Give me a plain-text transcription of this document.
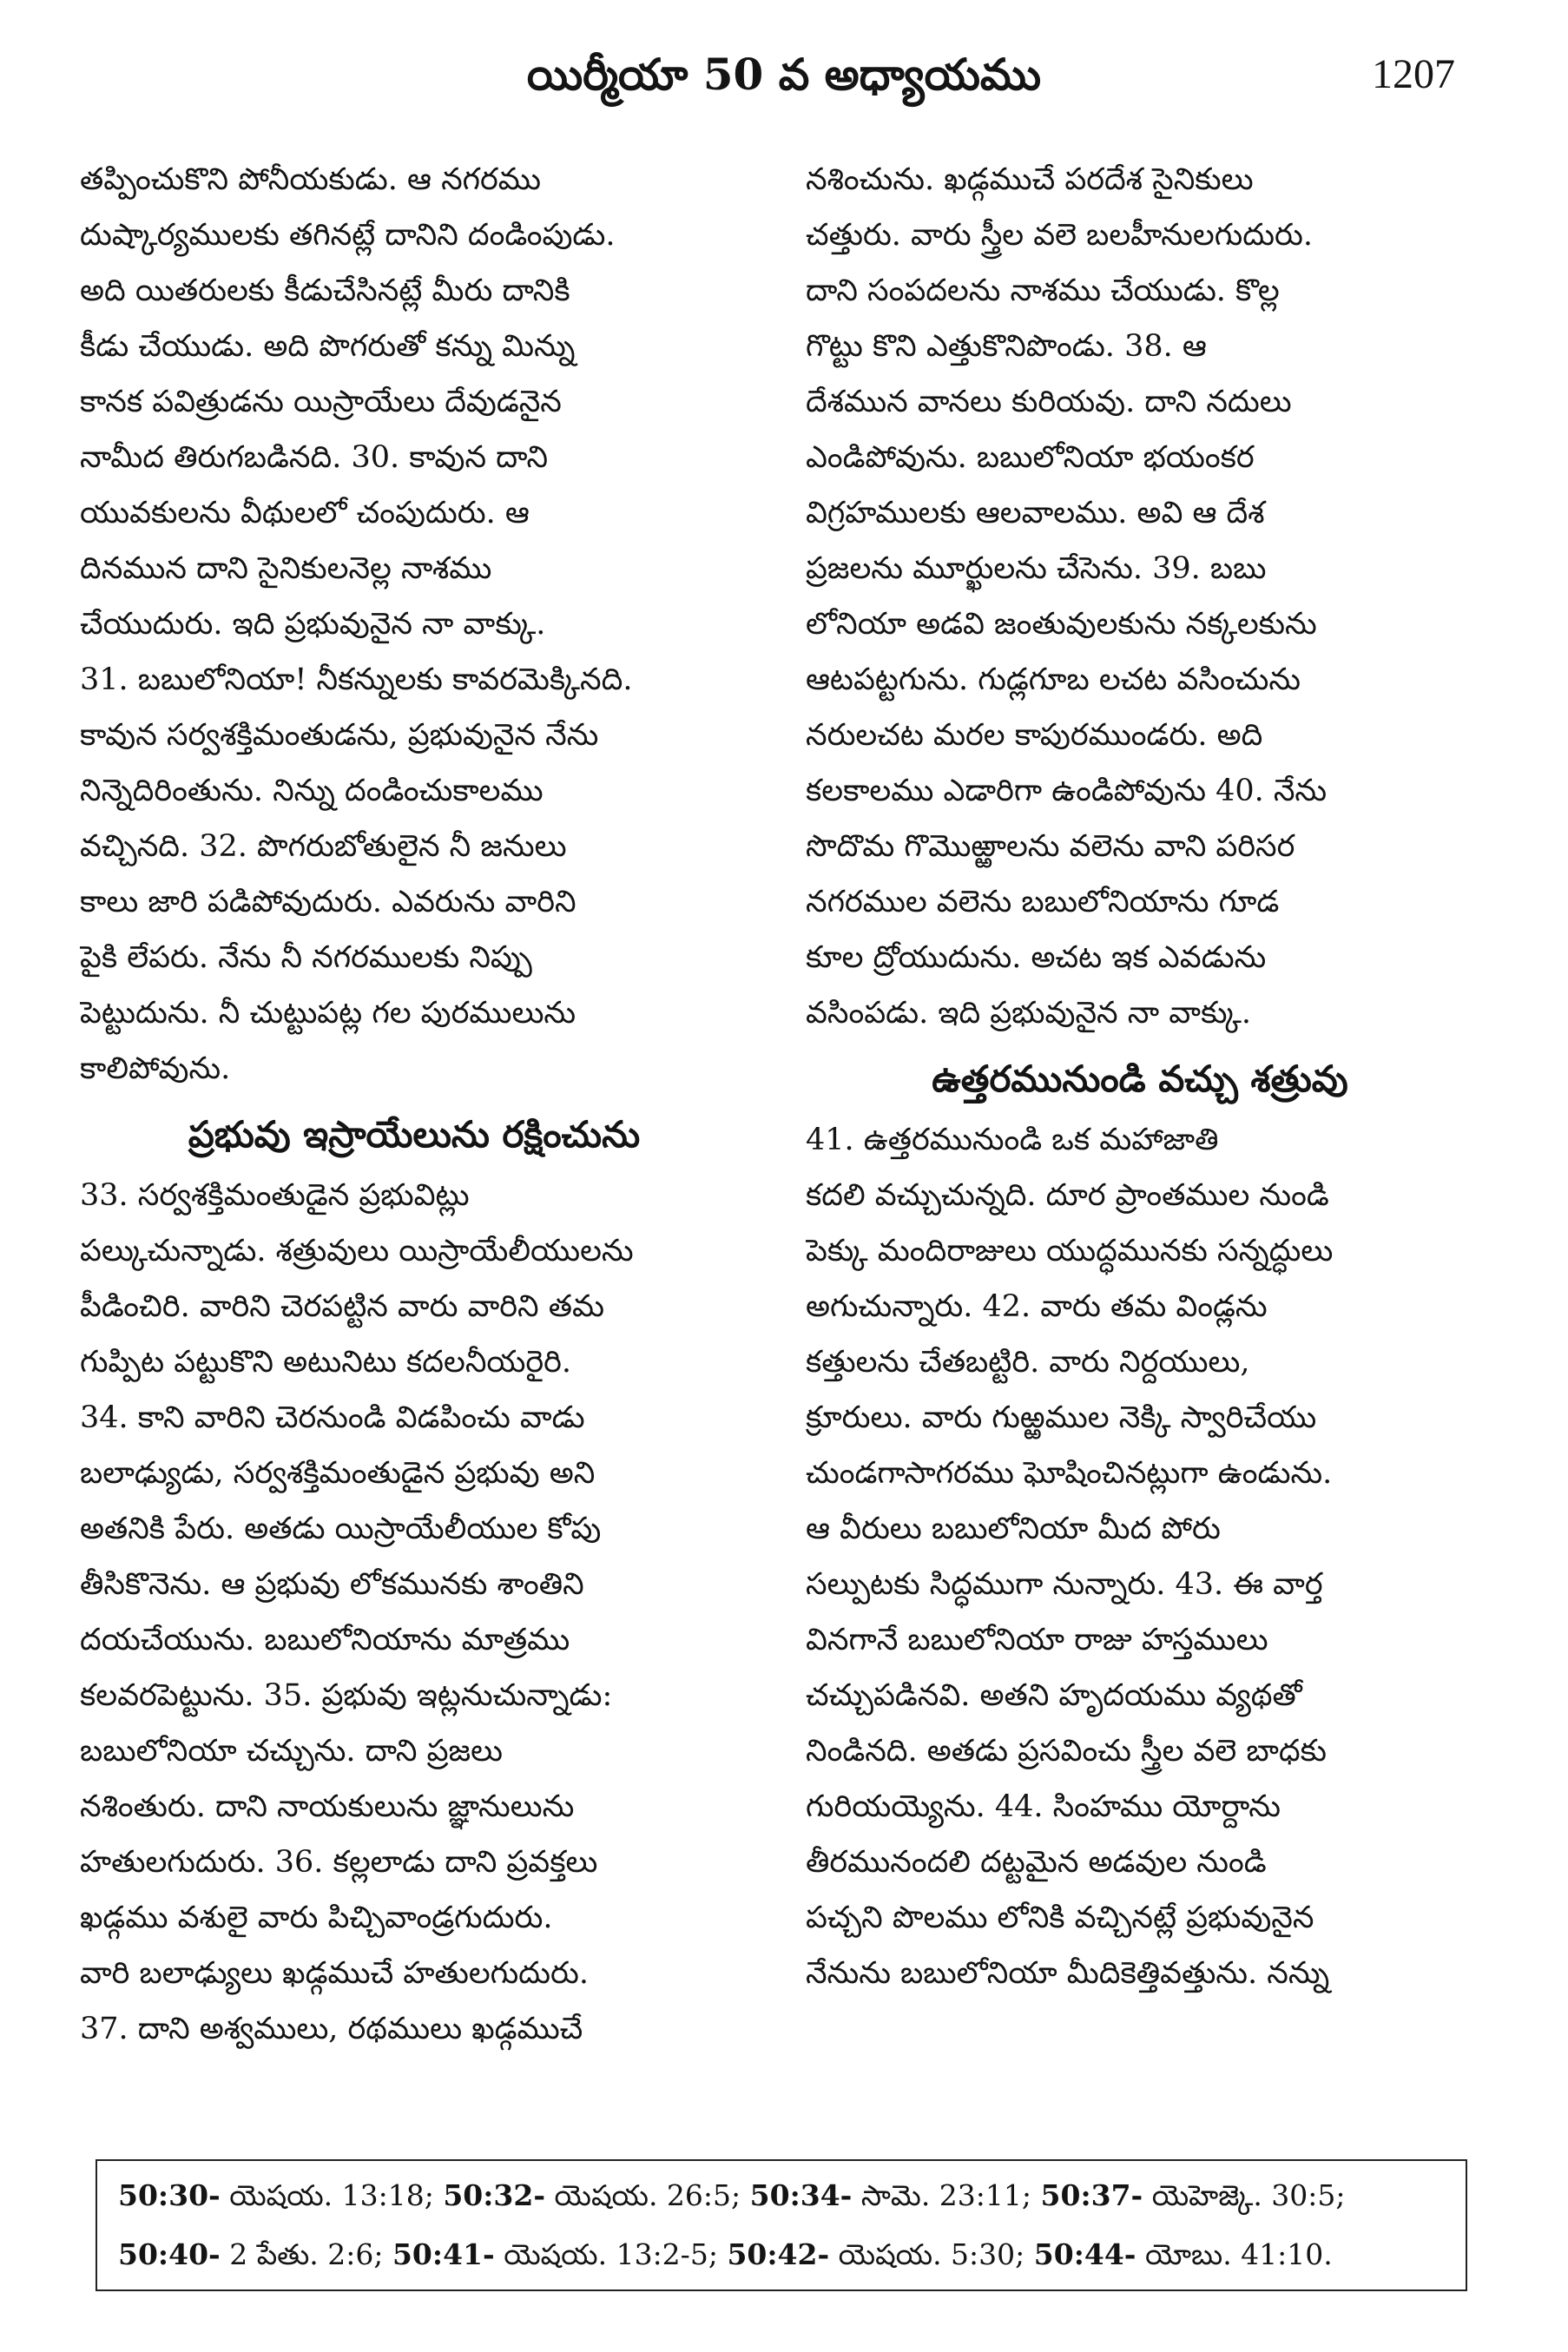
యిర్మీయా 50 వ అధ్యాయము	1207
తప్పించుకొని పోనీయకుడు. ఆ నగరము
దుష్కార్యములకు తగినట్లే దానిని దండింపుడు.
అది యితరులకు కీడుచేసినట్లే మీరు దానికి
కీడు చేయుడు. అది పొగరుతో కన్ను మిన్ను
కానక పవిత్రుడను యిస్రాయేలు దేవుడనైన
నామీద తిరుగబడినది. 30. కావున దాని
యువకులను వీథులలో చంపుదురు. ఆ
దినమున దాని సైనికులనెల్ల నాశము
చేయుదురు. ఇది ప్రభువునైన నా వాక్కు.
31. బబులోనియా! నీకన్నులకు కావరమెక్కినది.
కావున సర్వశక్తిమంతుడను, ప్రభువునైన నేను
నిన్నెదిరింతును. నిన్ను దండించుకాలము
వచ్చినది. 32. పొగరుబోతులైన నీ జనులు
కాలు జారి పడిపోవుదురు. ఎవరును వారిని
పైకి లేపరు. నేను నీ నగరములకు నిప్పు
పెట్టుదును. నీ చుట్టుపట్ల గల పురములును
కాలిపోవును.
ప్రభువు ఇస్రాయేలును రక్షించును
33. సర్వశక్తిమంతుడైన ప్రభువిట్లు
పల్కుచున్నాడు. శత్రువులు యిస్రాయేలీయులను
పీడించిరి. వారిని చెరపట్టిన వారు వారిని తమ
గుప్పిట పట్టుకొని అటునిటు కదలనీయరైరి.
34. కాని వారిని చెరనుండి విడపించు వాడు
బలాఢ్యుడు, సర్వశక్తిమంతుడైన ప్రభువు అని
అతనికి పేరు. అతడు యిస్రాయేలీయుల కోపు
తీసికొనెను. ఆ ప్రభువు లోకమునకు శాంతిని
దయచేయును. బబులోనియాను మాత్రము
కలవరపెట్టును. 35. ప్రభువు ఇట్లనుచున్నాడు:
బబులోనియా చచ్చును. దాని ప్రజలు
నశింతురు. దాని నాయకులును జ్ఞానులును
హతులగుదురు. 36. కల్లలాడు దాని ప్రవక్తలు
ఖడ్గము వశులై వారు పిచ్చివాండ్రగుదురు.
వారి బలాఢ్యులు ఖడ్గముచే హతులగుదురు.
37. దాని అశ్వములు, రథములు ఖడ్గముచే
నశించును. ఖడ్గముచే పరదేశ సైనికులు
చత్తురు. వారు స్త్రీల వలె బలహీనులగుదురు.
దాని సంపదలను నాశము చేయుడు. కొల్ల
గొట్టు కొని ఎత్తుకొనిపొండు. 38. ఆ
దేశమున వానలు కురియవు. దాని నదులు
ఎండిపోవును. బబులోనియా భయంకర
విగ్రహములకు ఆలవాలము. అవి ఆ దేశ
ప్రజలను మూర్ఖులను చేసెను. 39. బబు
లోనియా అడవి జంతువులకును నక్కలకును
ఆటపట్టగును. గుడ్లగూబ లచట వసించును
నరులచట మరల కాపురముండరు. అది
కలకాలము ఎడారిగా ఉండిపోవును 40. నేను
సొదొమ గొమొఱ్ఱాలను వలెను వాని పరిసర
నగరముల వలెను బబులోనియాను గూడ
కూల ద్రోయుదును. అచట ఇక ఎవడును
వసింపడు. ఇది ప్రభువునైన నా వాక్కు.
ఉత్తరమునుండి వచ్చు శత్రువు
41. ఉత్తరమునుండి ఒక మహాజాతి
కదలి వచ్చుచున్నది. దూర ప్రాంతముల నుండి
పెక్కు మందిరాజులు యుద్ధమునకు సన్నద్ధులు
అగుచున్నారు. 42. వారు తమ విండ్లను
కత్తులను చేతబట్టిరి. వారు నిర్దయులు,
క్రూరులు. వారు గుఱ్ఱముల నెక్కి స్వారిచేయు
చుండగాసాగరము ఘోషించినట్లుగా ఉండును.
ఆ వీరులు బబులోనియా మీద పోరు
సల్పుటకు సిద్ధముగా నున్నారు. 43. ఈ వార్త
వినగానే బబులోనియా రాజు హస్తములు
చచ్చుపడినవి. అతని హృదయము వ్యథతో
నిండినది. అతడు ప్రసవించు స్త్రీల వలె బాధకు
గురియయ్యెను. 44. సింహము యోర్దాను
తీరమునందలి దట్టమైన అడవుల నుండి
పచ్చని పొలము లోనికి వచ్చినట్లే ప్రభువునైన
నేనును బబులోనియా మీదికెత్తివత్తును. నన్ను
50:30- యెషయ. 13:18; 50:32- యెషయ. 26:5; 50:34- సామె. 23:11; 50:37- యెహెజ్కె. 30:5;
50:40- 2 పేతు. 2:6; 50:41- యెషయ. 13:2-5; 50:42- యెషయ. 5:30; 50:44- యోబు. 41:10.
